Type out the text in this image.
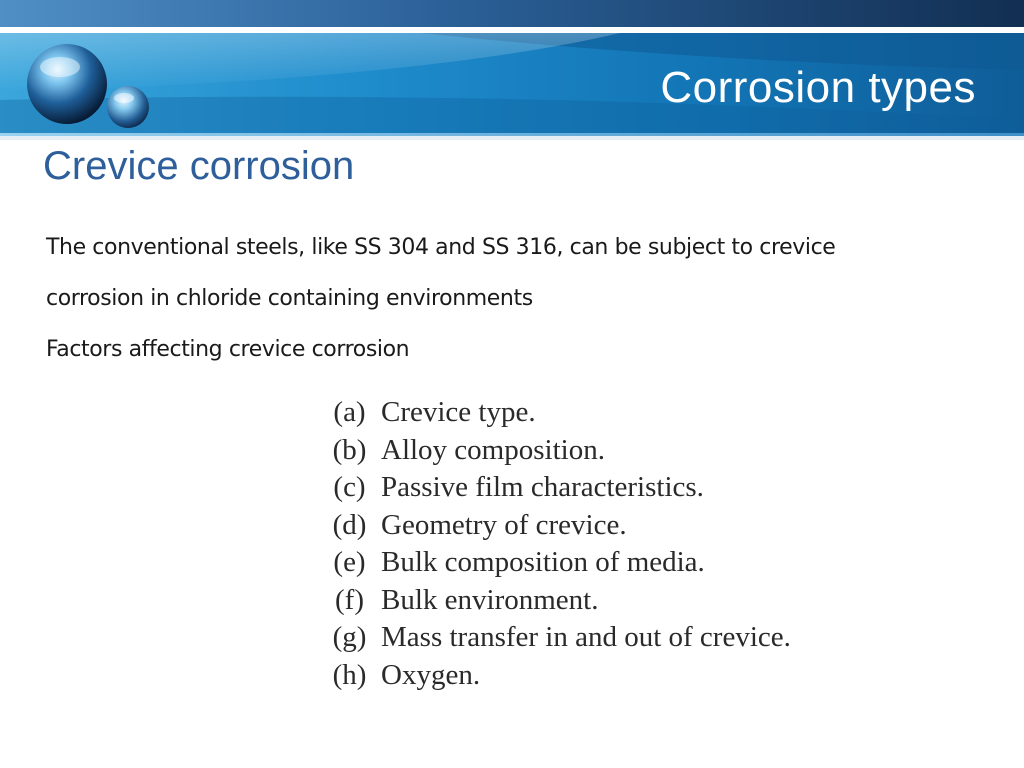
Corrosion types
Crevice corrosion

The conventional steels, like SS 304 and SS 316, can be subject to crevice

corrosion in chloride containing environments

Factors affecting crevice corrosion

(a) Crevice type.
(b) Alloy composition.
(c) Passive film characteristics.
(d) Geometry of crevice.
(e) Bulk composition of media.
(f) Bulk environment.
(g) Mass transfer in and out of crevice.
(h) Oxygen.
